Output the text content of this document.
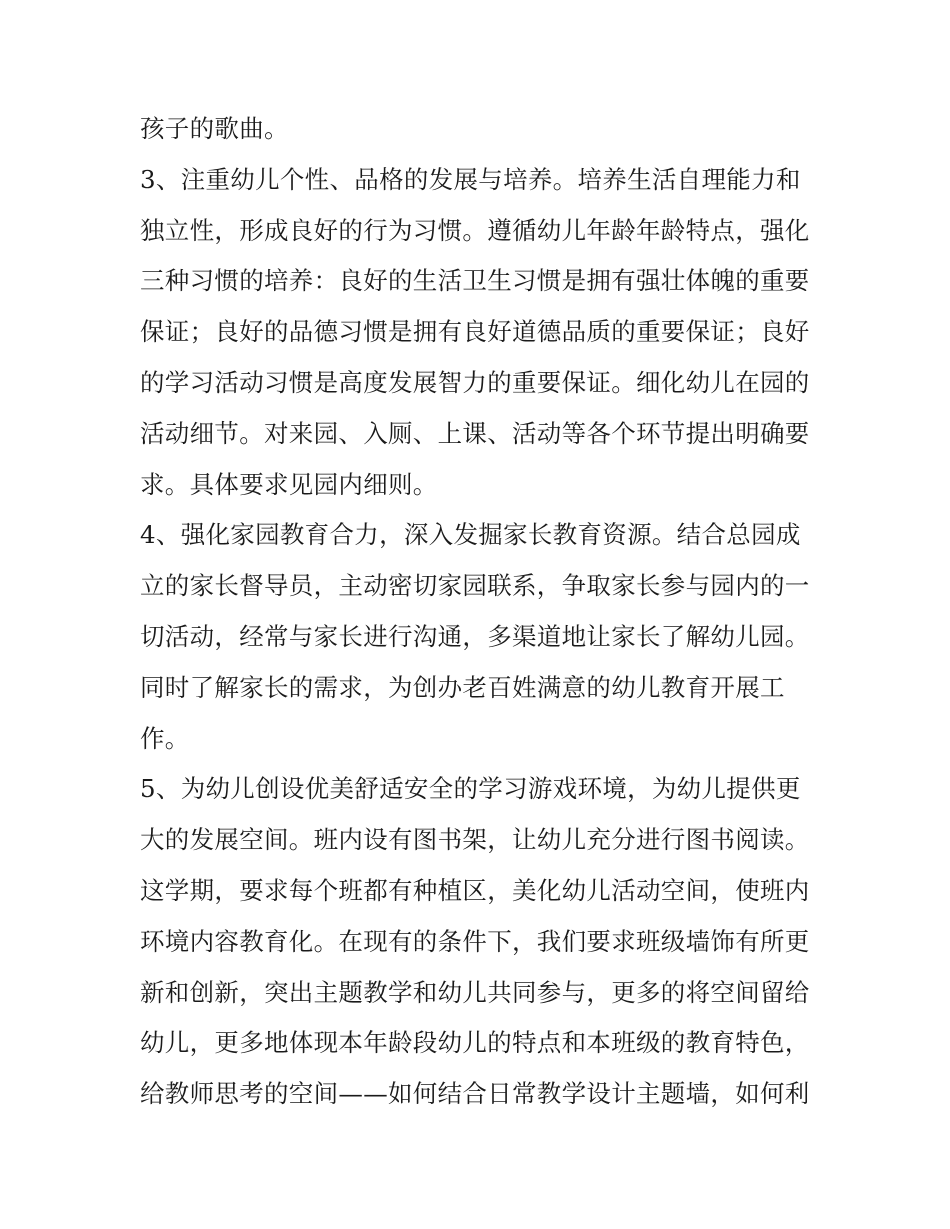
孩子的歌曲。
3、注重幼儿个性、品格的发展与培养。培养生活自理能力和
独立性，形成良好的行为习惯。遵循幼儿年龄年龄特点，强化
三种习惯的培养：良好的生活卫生习惯是拥有强壮体魄的重要
保证；良好的品德习惯是拥有良好道德品质的重要保证；良好
的学习活动习惯是高度发展智力的重要保证。细化幼儿在园的
活动细节。对来园、入厕、上课、活动等各个环节提出明确要
求。具体要求见园内细则。
4、强化家园教育合力，深入发掘家长教育资源。结合总园成
立的家长督导员，主动密切家园联系，争取家长参与园内的一
切活动，经常与家长进行沟通，多渠道地让家长了解幼儿园。
同时了解家长的需求，为创办老百姓满意的幼儿教育开展工
作。
5、为幼儿创设优美舒适安全的学习游戏环境，为幼儿提供更
大的发展空间。班内设有图书架，让幼儿充分进行图书阅读。
这学期，要求每个班都有种植区，美化幼儿活动空间，使班内
环境内容教育化。在现有的条件下，我们要求班级墙饰有所更
新和创新，突出主题教学和幼儿共同参与，更多的将空间留给
幼儿，更多地体现本年龄段幼儿的特点和本班级的教育特色，
给教师思考的空间——如何结合日常教学设计主题墙，如何利
